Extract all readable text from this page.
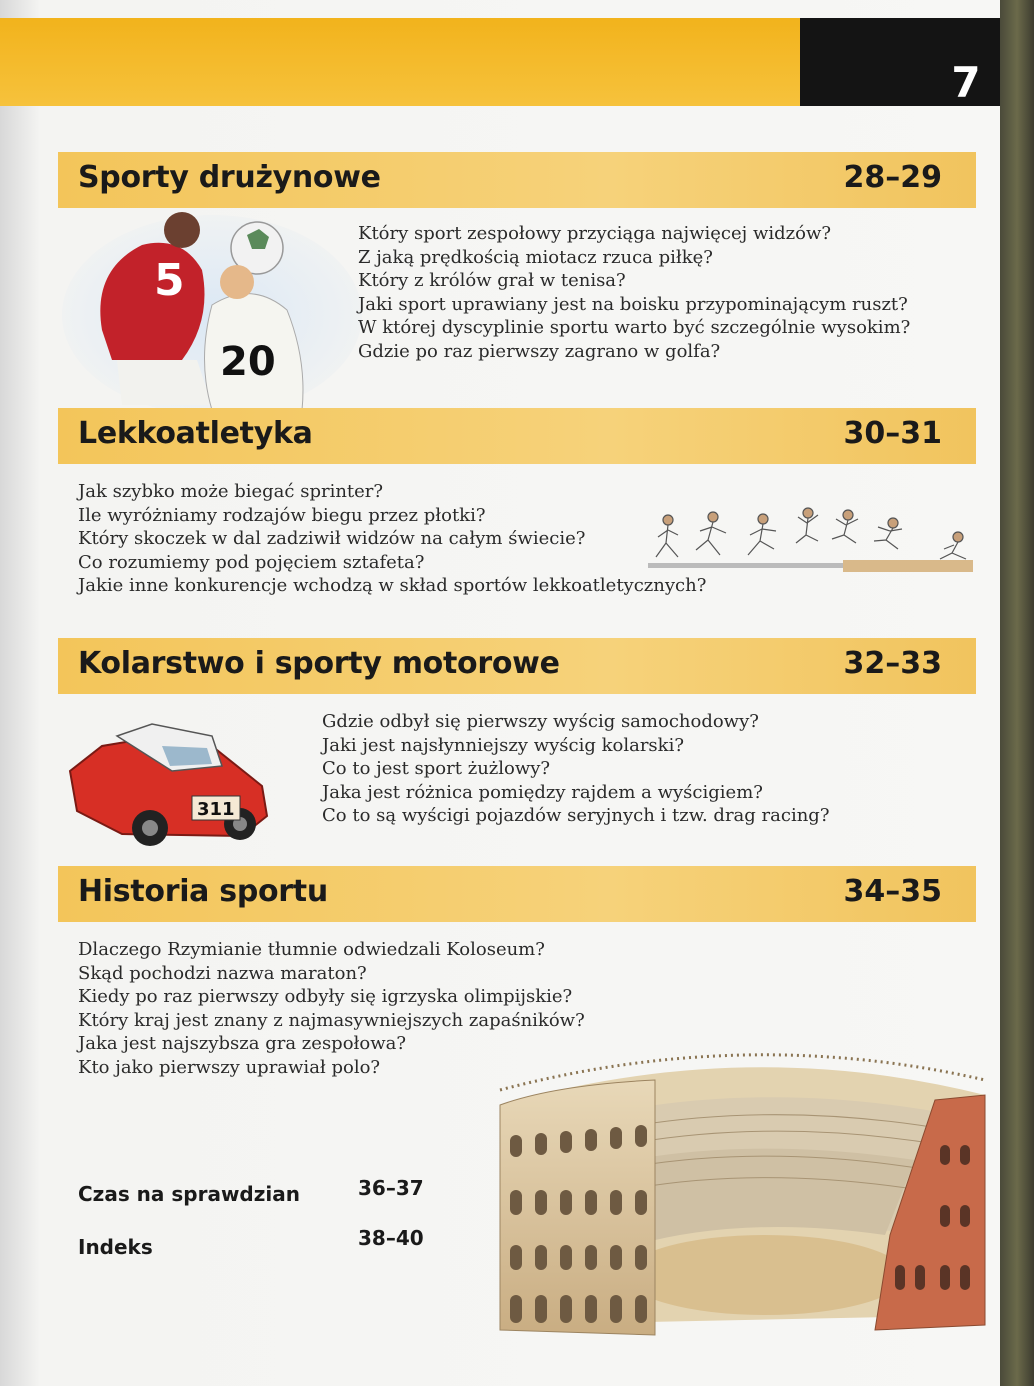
7
Sporty drużynowe	28–29
5
20
Który sport zespołowy przyciąga najwięcej widzów?
Z jaką prędkością miotacz rzuca piłkę?
Który z królów grał w tenisa?
Jaki sport uprawiany jest na boisku przypominającym ruszt?
W której dyscyplinie sportu warto być szczególnie wysokim?
Gdzie po raz pierwszy zagrano w golfa?
Lekkoatletyka	30–31
Jak szybko może biegać sprinter?
Ile wyróżniamy rodzajów biegu przez płotki?
Który skoczek w dal zadziwił widzów na całym świecie?
Co rozumiemy pod pojęciem sztafeta?
Jakie inne konkurencje wchodzą w skład sportów lekkoatletycznych?
Kolarstwo i sporty motorowe	32–33
311
Gdzie odbył się pierwszy wyścig samochodowy?
Jaki jest najsłynniejszy wyścig kolarski?
Co to jest sport żużlowy?
Jaka jest różnica pomiędzy rajdem a wyścigiem?
Co to są wyścigi pojazdów seryjnych i tzw. drag racing?
Historia sportu	34–35
Dlaczego Rzymianie tłumnie odwiedzali Koloseum?
Skąd pochodzi nazwa maraton?
Kiedy po raz pierwszy odbyły się igrzyska olimpijskie?
Który kraj jest znany z najmasywniejszych zapaśników?
Jaka jest najszybsza gra zespołowa?
Kto jako pierwszy uprawiał polo?
Czas na sprawdzian	36–37
Indeks	38–40
